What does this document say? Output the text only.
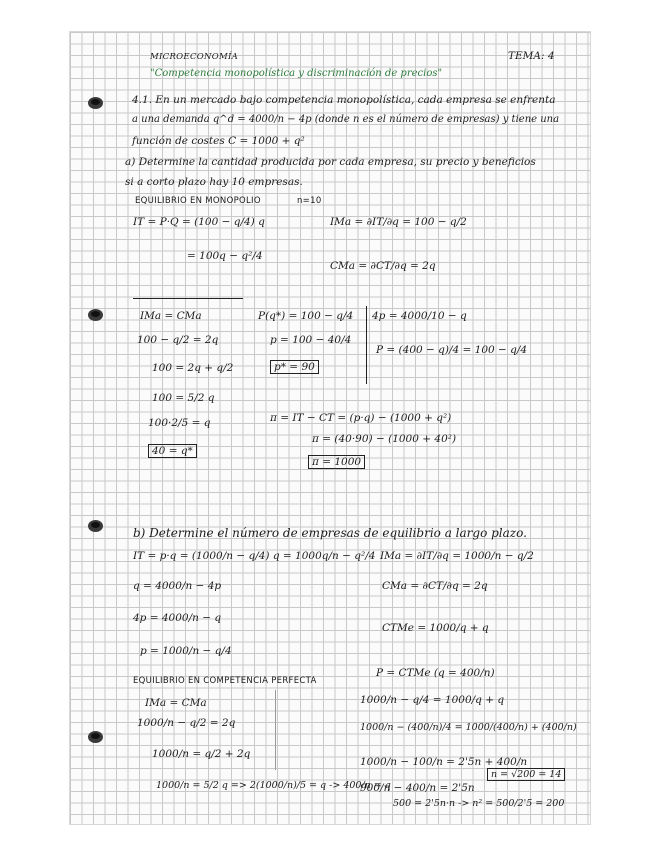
MICROECONOMÍA	TEMA: 4
"Competencia monopolística y discriminación de precios"
4.1. En un mercado bajo competencia monopolística, cada empresa se enfrenta
a una demanda q^d = 4000/n − 4p (donde n es el número de empresas) y tiene una
función de costes C = 1000 + q²
a) Determine la cantidad producida por cada empresa, su precio y beneficios
si a corto plazo hay 10 empresas.
EQUILIBRIO EN MONOPOLIO	n=10
IT = P·Q = (100 − q/4) q	IMa = ∂IT/∂q = 100 − q/2
= 100q − q²/4
CMa = ∂CT/∂q = 2q
IMa = CMa
100 − q/2 = 2q
100 = 2q + q/2
100 = 5/2 q
100·2/5 = q
40 = q*
P(q*) = 100 − q/4
p = 100 − 40/4
p* = 90
4p = 4000/10 − q
P = (400 − q)/4 = 100 − q/4
π = IT − CT = (p·q) − (1000 + q²)
π = (40·90) − (1000 + 40²)
π = 1000
b) Determine el número de empresas de equilibrio a largo plazo.
IT = p·q = (1000/n − q/4) q = 1000q/n − q²/4 IMa = ∂IT/∂q = 1000/n − q/2
q = 4000/n − 4p	CMa = ∂CT/∂q = 2q
4p = 4000/n − q
CTMe = 1000/q + q
p = 1000/n − q/4
EQUILIBRIO EN COMPETENCIA PERFECTA
IMa = CMa
1000/n − q/2 = 2q
1000/n = q/2 + 2q
1000/n = 5/2 q => 2(1000/n)/5 = q -> 400/n = q
P = CTMe (q = 400/n)
1000/n − q/4 = 1000/q + q
1000/n − (400/n)/4 = 1000/(400/n) + (400/n)
1000/n − 100/n = 2'5n + 400/n
900/n − 400/n = 2'5n
500 = 2'5n·n -> n² = 500/2'5 = 200
n = √200 = 14
